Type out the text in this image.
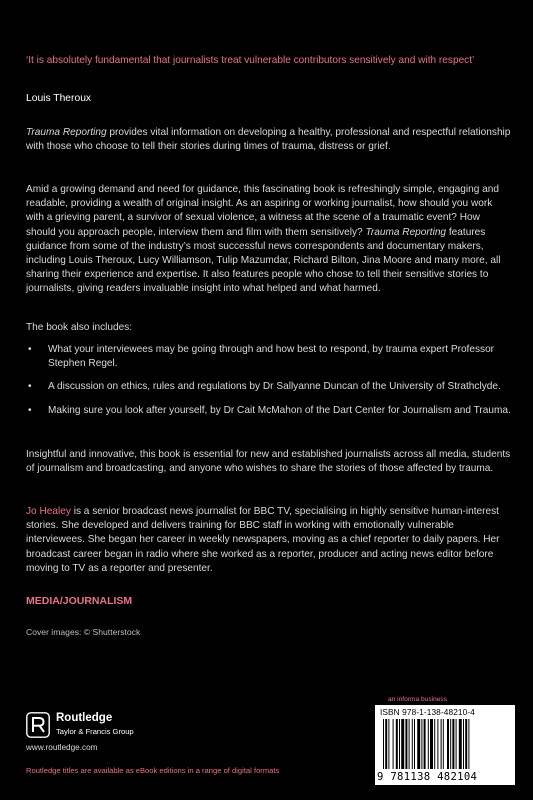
‘It is absolutely fundamental that journalists treat vulnerable contributors sensitively and with respect’

Louis Theroux

Trauma Reporting provides vital information on developing a healthy, professional and respectful relationship with those who choose to tell their stories during times of trauma, distress or grief.

Amid a growing demand and need for guidance, this fascinating book is refreshingly simple, engaging and readable, providing a wealth of original insight. As an aspiring or working journalist, how should you work with a grieving parent, a survivor of sexual violence, a witness at the scene of a traumatic event? How should you approach people, interview them and film with them sensitively? Trauma Reporting features guidance from some of the industry’s most successful news correspondents and documentary makers, including Louis Theroux, Lucy Williamson, Tulip Mazumdar, Richard Bilton, Jina Moore and many more, all sharing their experience and expertise. It also features people who chose to tell their sensitive stories to journalists, giving readers invaluable insight into what helped and what harmed.

The book also includes:

• What your interviewees may be going through and how best to respond, by trauma expert Professor Stephen Regel.
• A discussion on ethics, rules and regulations by Dr Sallyanne Duncan of the University of Strathclyde.
• Making sure you look after yourself, by Dr Cait McMahon of the Dart Center for Journalism and Trauma.

Insightful and innovative, this book is essential for new and established journalists across all media, students of journalism and broadcasting, and anyone who wishes to share the stories of those affected by trauma.

Jo Healey is a senior broadcast news journalist for BBC TV, specialising in highly sensitive human-interest stories. She developed and delivers training for BBC staff in working with emotionally vulnerable interviewees. She began her career in weekly newspapers, moving as a chief reporter to daily papers. Her broadcast career began in radio where she worked as a reporter, producer and acting news editor before moving to TV as a reporter and presenter.

MEDIA/JOURNALISM
Cover images: © Shutterstock
Routledge
Taylor & Francis Group
www.routledge.com
Routledge titles are available as eBook editions in a range of digital formats
an informa business
ISBN 978-1-138-48210-4
9 781138 482104
